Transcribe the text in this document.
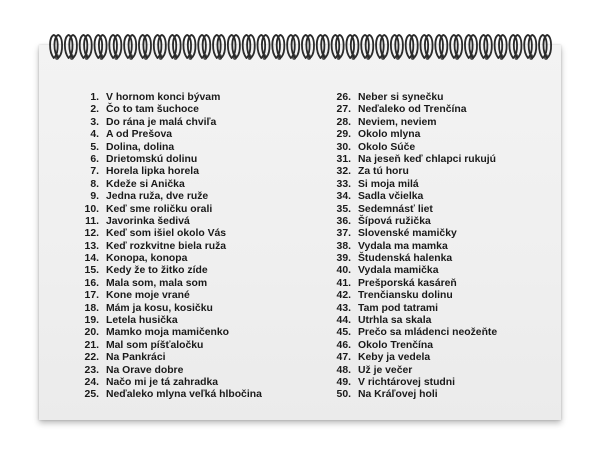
1. V hornom konci bývam
2. Čo to tam šuchoce
3. Do rána je malá chviľa
4. A od Prešova
5. Dolina, dolina
6. Drietomskú dolinu
7. Horela lipka horela
8. Kdeže si Anička
9. Jedna ruža, dve ruže
10. Keď sme roličku orali
11. Javorinka šedivá
12. Keď som išiel okolo Vás
13. Keď rozkvitne biela ruža
14. Konopa, konopa
15. Kedy že to žitko zíde
16. Mala som, mala som
17. Kone moje vrané
18. Mám ja kosu, kosičku
19. Letela husička
20. Mamko moja mamičenko
21. Mal som píšťaločku
22. Na Pankráci
23. Na Orave dobre
24. Načo mi je tá zahradka
25. Neďaleko mlyna veľká hlbočina
26. Neber si synečku
27. Neďaleko od Trenčína
28. Neviem, neviem
29. Okolo mlyna
30. Okolo Súče
31. Na jeseň keď chlapci rukujú
32. Za tú horu
33. Si moja milá
34. Sadla včielka
35. Sedemnásť liet
36. Šípová ružička
37. Slovenské mamičky
38. Vydala ma mamka
39. Študenská halenka
40. Vydala mamička
41. Prešporská kasáreň
42. Trenčiansku dolinu
43. Tam pod tatrami
44. Utrhla sa skala
45. Prečo sa mládenci neožeňte
46. Okolo Trenčína
47. Keby ja vedela
48. Už je večer
49. V richtárovej studni
50. Na Kráľovej holi
